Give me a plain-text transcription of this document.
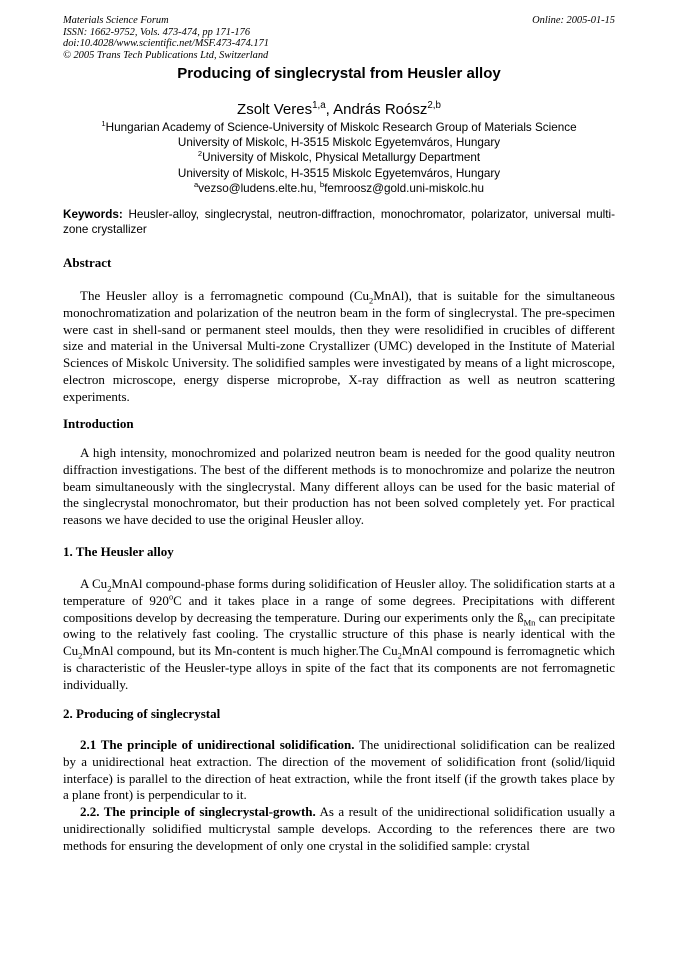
Materials Science Forum
ISSN: 1662-9752, Vols. 473-474, pp 171-176
doi:10.4028/www.scientific.net/MSF.473-474.171
© 2005 Trans Tech Publications Ltd, Switzerland
Online: 2005-01-15
Producing of singlecrystal from Heusler alloy
Zsolt Veres$^{1,a}$, András Roósz$^{2,b}$
$^1$Hungarian Academy of Science-University of Miskolc Research Group of Materials Science
University of Miskolc, H-3515 Miskolc Egyetemváros, Hungary
$^2$University of Miskolc, Physical Metallurgy Department
University of Miskolc, H-3515 Miskolc Egyetemváros, Hungary
$^a$vezso@ludens.elte.hu, $^b$femroosz@gold.uni-miskolc.hu
Keywords: Heusler-alloy, singlecrystal, neutron-diffraction, monochromator, polarizator, universal multi-zone crystallizer
Abstract
The Heusler alloy is a ferromagnetic compound $(Cu_2MnAl)$, that is suitable for the simultaneous monochromatization and polarization of the neutron beam in the form of singlecrystal. The pre-specimen were cast in shell-sand or permanent steel moulds, then they were resolidified in crucibles of different size and material in the Universal Multi-zone Crystallizer (UMC) developed in the Institute of Material Sciences of Miskolc University. The solidified samples were investigated by means of a light microscope, electron microscope, energy disperse microprobe, X-ray diffraction as well as neutron scattering experiments.
Introduction
A high intensity, monochromized and polarized neutron beam is needed for the good quality neutron diffraction investigations. The best of the different methods is to monochromize and polarize the neutron beam simultaneously with the singlecrystal. Many different alloys can be used for the basic material of the singlecrystal monochromator, but their production has not been solved completely yet. For practical reasons we have decided to use the original Heusler alloy.
1. The Heusler alloy
A $Cu_2MnAl$ compound-phase forms during solidification of Heusler alloy. The solidification starts at a temperature of 920$^o$C and it takes place in a range of some degrees. Precipitations with different compositions develop by decreasing the temperature. During our experiments only the $ß_{Mn}$ can precipitate owing to the relatively fast cooling. The crystallic structure of this phase is nearly identical with the $Cu_2MnAl$ compound, but its Mn-content is much higher.The $Cu_2MnAl$ compound is ferromagnetic which is characteristic of the Heusler-type alloys in spite of the fact that its components are not ferromagnetic individually.
2. Producing of singlecrystal
2.1 The principle of unidirectional solidification. The unidirectional solidification can be realized by a unidirectional heat extraction. The direction of the movement of solidification front (solid/liquid interface) is parallel to the direction of heat extraction, while the front itself (if the growth takes place by a plane front) is perpendicular to it.
2.2. The principle of singlecrystal-growth. As a result of the unidirectional solidification usually a unidirectionally solidified multicrystal sample develops. According to the references there are two methods for ensuring the development of only one crystal in the solidified sample: crystal
